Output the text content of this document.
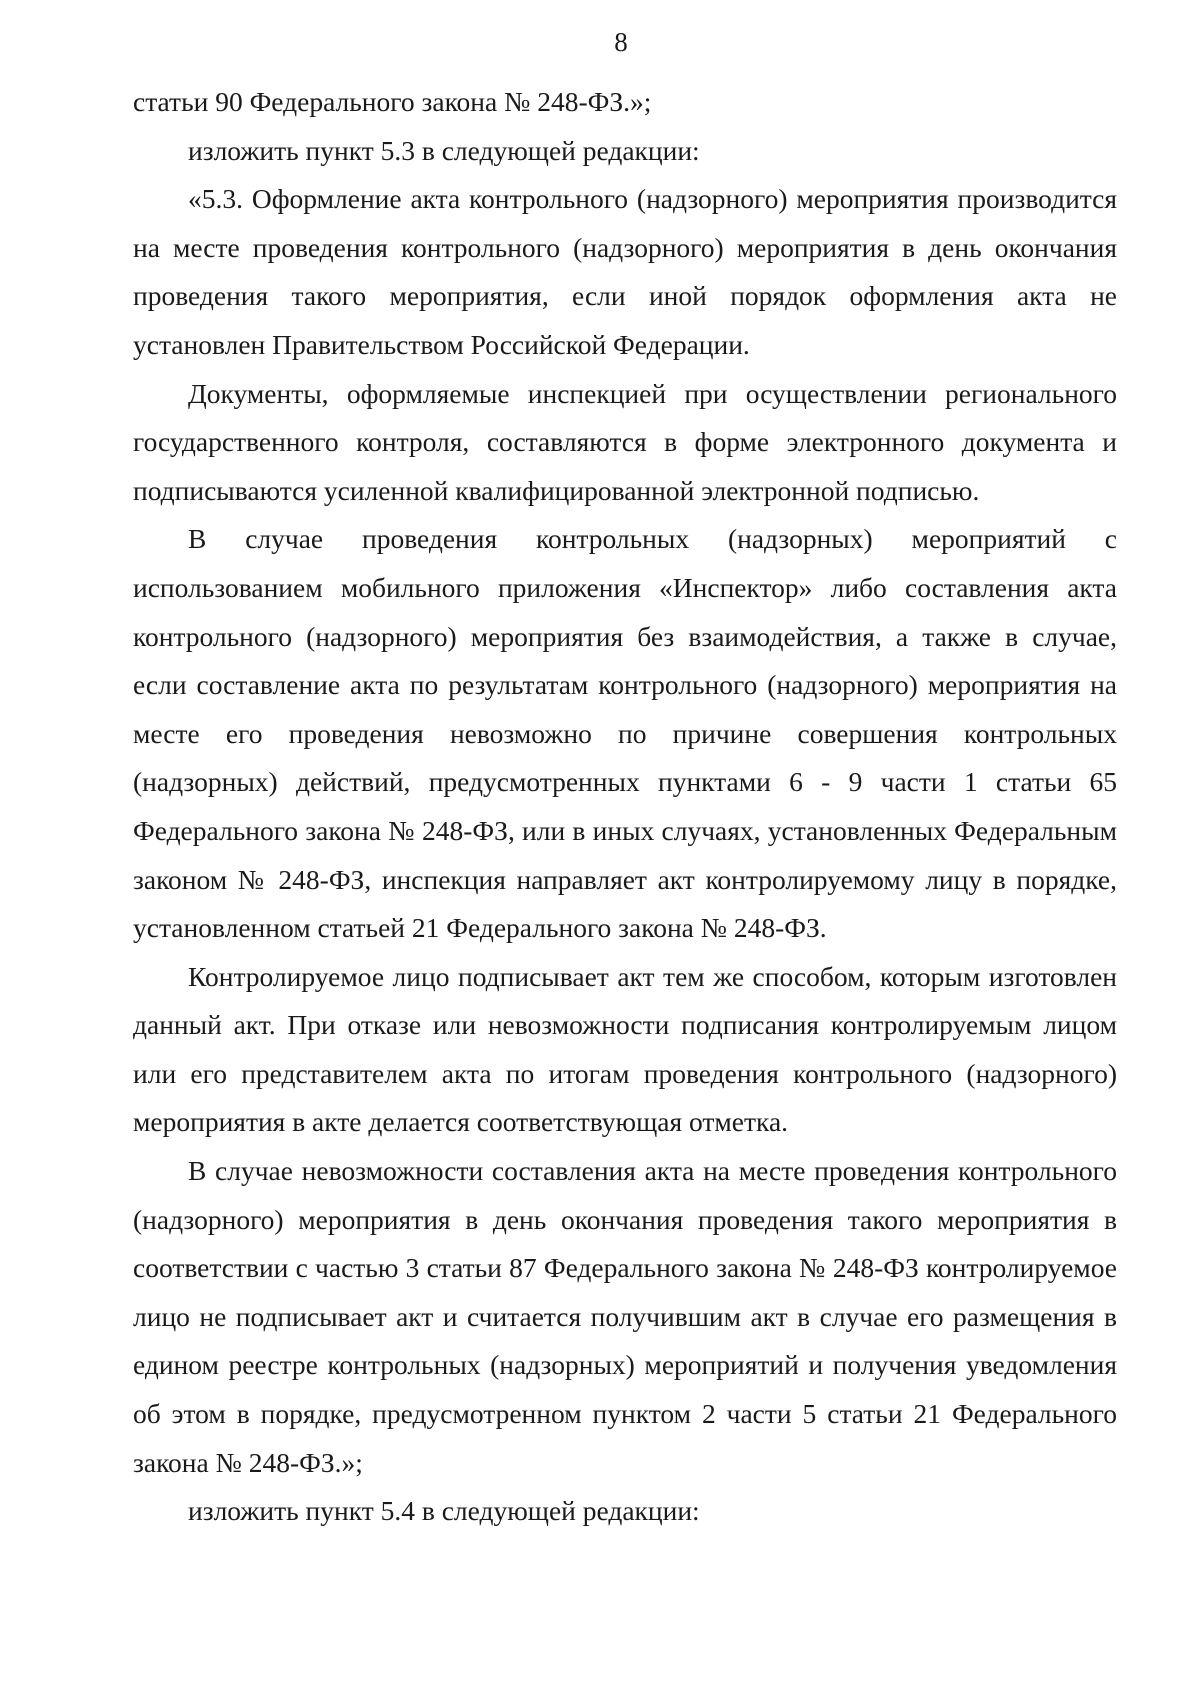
8

статьи 90 Федерального закона № 248-ФЗ.»;

изложить пункт 5.3 в следующей редакции:

«5.3. Оформление акта контрольного (надзорного) мероприятия производится на месте проведения контрольного (надзорного) мероприятия в день окончания проведения такого мероприятия, если иной порядок оформления акта не установлен Правительством Российской Федерации.

Документы, оформляемые инспекцией при осуществлении регионального государственного контроля, составляются в форме электронного документа и подписываются усиленной квалифицированной электронной подписью.

В случае проведения контрольных (надзорных) мероприятий с использованием мобильного приложения «Инспектор» либо составления акта контрольного (надзорного) мероприятия без взаимодействия, а также в случае, если составление акта по результатам контрольного (надзорного) мероприятия на месте его проведения невозможно по причине совершения контрольных (надзорных) действий, предусмотренных пунктами 6 - 9 части 1 статьи 65 Федерального закона № 248-ФЗ, или в иных случаях, установленных Федеральным законом № 248-ФЗ, инспекция направляет акт контролируемому лицу в порядке, установленном статьей 21 Федерального закона № 248-ФЗ.

Контролируемое лицо подписывает акт тем же способом, которым изготовлен данный акт. При отказе или невозможности подписания контролируемым лицом или его представителем акта по итогам проведения контрольного (надзорного) мероприятия в акте делается соответствующая отметка.

В случае невозможности составления акта на месте проведения контрольного (надзорного) мероприятия в день окончания проведения такого мероприятия в соответствии с частью 3 статьи 87 Федерального закона № 248-ФЗ контролируемое лицо не подписывает акт и считается получившим акт в случае его размещения в едином реестре контрольных (надзорных) мероприятий и получения уведомления об этом в порядке, предусмотренном пунктом 2 части 5 статьи 21 Федерального закона № 248-ФЗ.»;

изложить пункт 5.4 в следующей редакции:
